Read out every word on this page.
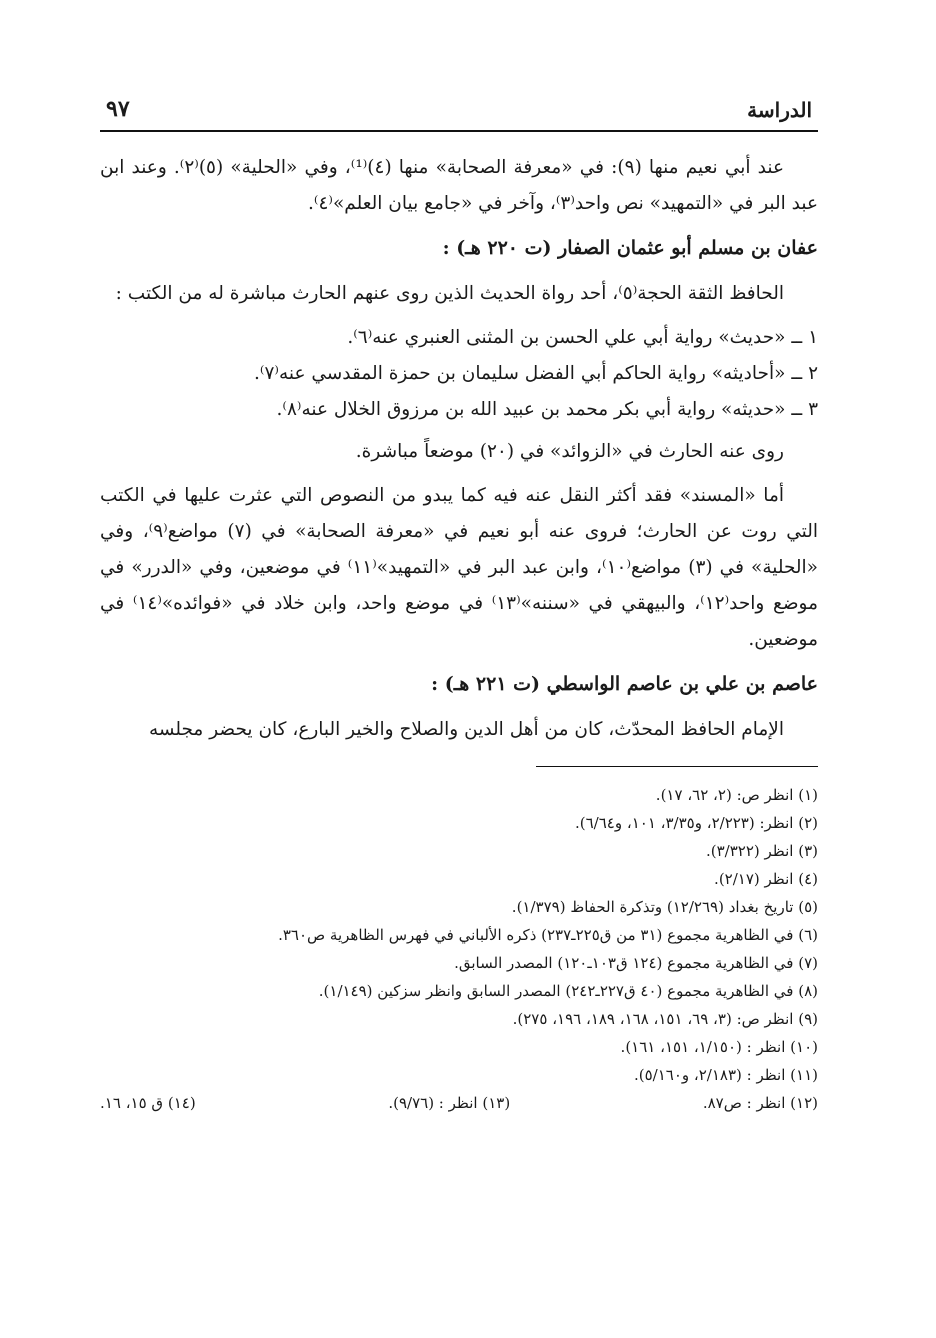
الدراسة
٩٧

عند أبي نعيم منها (٩): في «معرفة الصحابة» منها (٤)⁽¹⁾، وفي «الحلية» (٥)⁽٢⁾. وعند ابن عبد البر في «التمهيد» نص واحد⁽٣⁾، وآخر في «جامع بيان العلم»⁽٤⁾.

عفان بن مسلم أبو عثمان الصفار (ت ٢٢٠ هـ) :

الحافظ الثقة الحجة⁽٥⁾، أحد رواة الحديث الذين روى عنهم الحارث مباشرة له من الكتب :

١ ــ «حديث» رواية أبي علي الحسن بن المثنى العنبري عنه⁽٦⁾.
٢ ــ «أحاديثه» رواية الحاكم أبي الفضل سليمان بن حمزة المقدسي عنه⁽٧⁾.
٣ ــ «حديثه» رواية أبي بكر محمد بن عبيد الله بن مرزوق الخلال عنه⁽٨⁾.

روى عنه الحارث في «الزوائد» في (٢٠) موضعاً مباشرة.

أما «المسند» فقد أكثر النقل عنه فيه كما يبدو من النصوص التي عثرت عليها في الكتب التي روت عن الحارث؛ فروى عنه أبو نعيم في «معرفة الصحابة» في (٧) مواضع⁽٩⁾، وفي «الحلية» في (٣) مواضع⁽١٠⁾، وابن عبد البر في «التمهيد»⁽١١⁾ في موضعين، وفي «الدرر» في موضع واحد⁽١٢⁾، والبيهقي في «سننه»⁽١٣⁾ في موضع واحد، وابن خلاد في «فوائده»⁽١٤⁾ في موضعين.

عاصم بن علي بن عاصم الواسطي (ت ٢٢١ هـ) :

الإمام الحافظ المحدّث، كان من أهل الدين والصلاح والخير البارع، كان يحضر مجلسه

(١) انظر ص: (٢، ٦٢، ١٧).
(٢) انظر: (٢/٢٢٣، و٣/٣٥، ١٠١، و٦/٦٤).
(٣) انظر (٣/٣٢٢).
(٤) انظر (٢/١٧).
(٥) تاريخ بغداد (١٢/٢٦٩) وتذكرة الحفاظ (١/٣٧٩).
(٦) في الظاهرية مجموع (٣١ من ق٢٢٥ـ٢٣٧) ذكره الألباني في فهرس الظاهرية ص٣٦٠.
(٧) في الظاهرية مجموع (١٢٤ ق١٠٣ـ١٢٠) المصدر السابق.
(٨) في الظاهرية مجموع (٤٠ ق٢٢٧ـ٢٤٢) المصدر السابق وانظر سزكين (١/١٤٩).
(٩) انظر ص: (٣، ٦٩، ١٥١، ١٦٨، ١٨٩، ١٩٦، ٢٧٥).
(١٠) انظر : (١/١٥٠، ١٥١، ١٦١).
(١١) انظر : (٢/١٨٣، و٥/١٦٠).
(١٢) انظر : ص٨٧.
(١٣) انظر : (٩/٧٦).
(١٤) ق ١٥، ١٦.
